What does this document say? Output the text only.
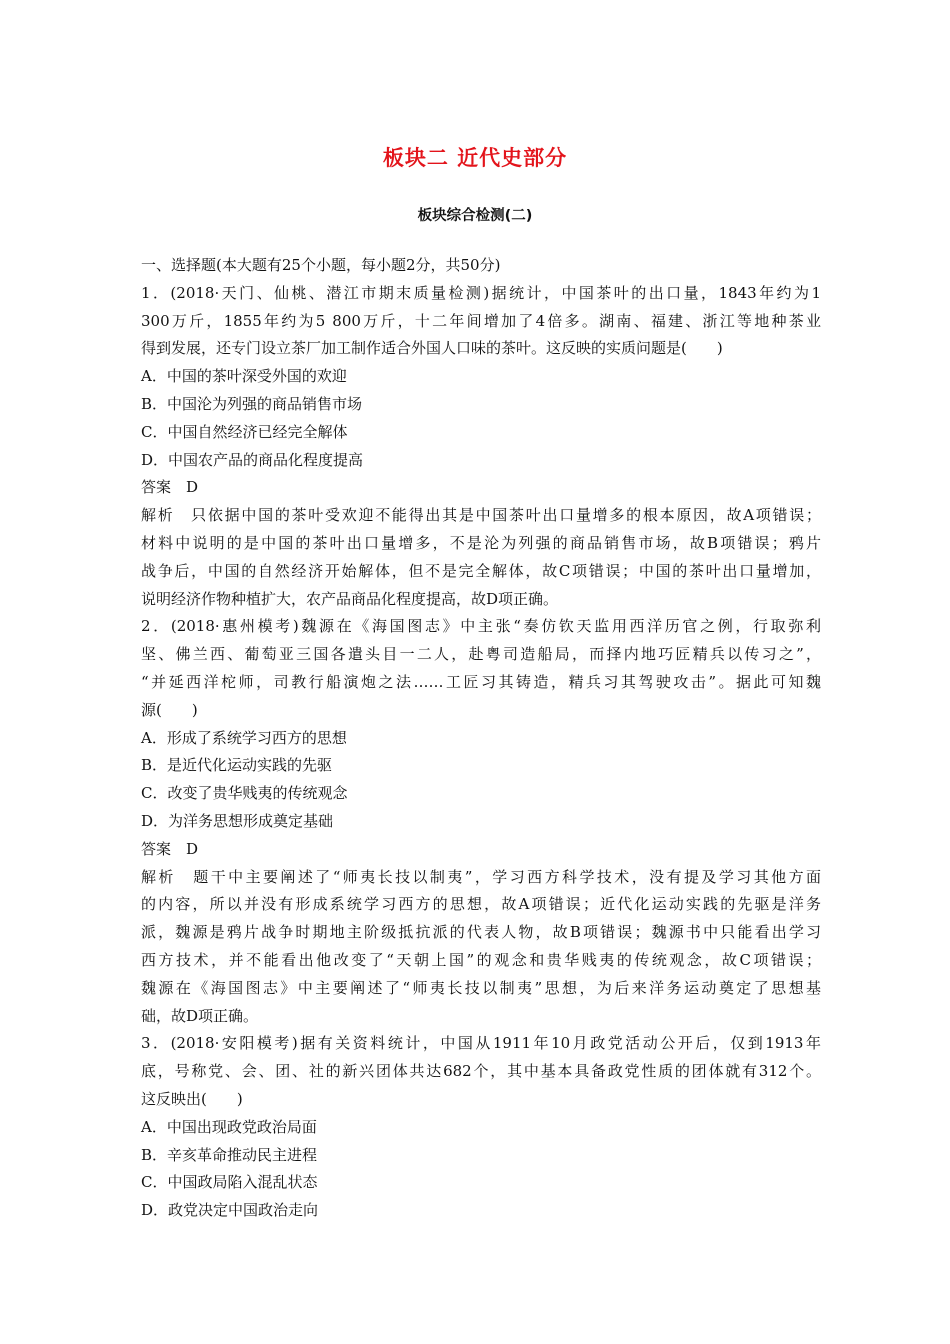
板块二 近代史部分
板块综合检测(二)

一、选择题(本大题有25个小题，每小题2分，共50分)

1．(2018·天门、仙桃、潜江市期末质量检测)据统计，中国茶叶的出口量，1843年约为1

300万斤，1855年约为5 800万斤，十二年间增加了4倍多。湖南、福建、浙江等地种茶业

得到发展，还专门设立茶厂加工制作适合外国人口味的茶叶。这反映的实质问题是(　　)

A．中国的茶叶深受外国的欢迎

B．中国沦为列强的商品销售市场

C．中国自然经济已经完全解体

D．中国农产品的商品化程度提高

答案　D

解析　只依据中国的茶叶受欢迎不能得出其是中国茶叶出口量增多的根本原因，故A项错误；

材料中说明的是中国的茶叶出口量增多，不是沦为列强的商品销售市场，故B项错误；鸦片

战争后，中国的自然经济开始解体，但不是完全解体，故C项错误；中国的茶叶出口量增加，

说明经济作物种植扩大，农产品商品化程度提高，故D项正确。

2．(2018·惠州模考)魏源在《海国图志》中主张“奏仿钦天监用西洋历官之例，行取弥利

坚、佛兰西、葡萄亚三国各遣头目一二人，赴粤司造船局，而择内地巧匠精兵以传习之”，

“并延西洋柁师，司教行船演炮之法……工匠习其铸造，精兵习其驾驶攻击”。据此可知魏

源(　　)

A．形成了系统学习西方的思想

B．是近代化运动实践的先驱

C．改变了贵华贱夷的传统观念

D．为洋务思想形成奠定基础

答案　D

解析　题干中主要阐述了“师夷长技以制夷”，学习西方科学技术，没有提及学习其他方面

的内容，所以并没有形成系统学习西方的思想，故A项错误；近代化运动实践的先驱是洋务

派，魏源是鸦片战争时期地主阶级抵抗派的代表人物，故B项错误；魏源书中只能看出学习

西方技术，并不能看出他改变了“天朝上国”的观念和贵华贱夷的传统观念，故C项错误；

魏源在《海国图志》中主要阐述了“师夷长技以制夷”思想，为后来洋务运动奠定了思想基

础，故D项正确。

3．(2018·安阳模考)据有关资料统计，中国从1911年10月政党活动公开后，仅到1913年

底，号称党、会、团、社的新兴团体共达682个，其中基本具备政党性质的团体就有312个。

这反映出(　　)

A．中国出现政党政治局面

B．辛亥革命推动民主进程

C．中国政局陷入混乱状态

D．政党决定中国政治走向
